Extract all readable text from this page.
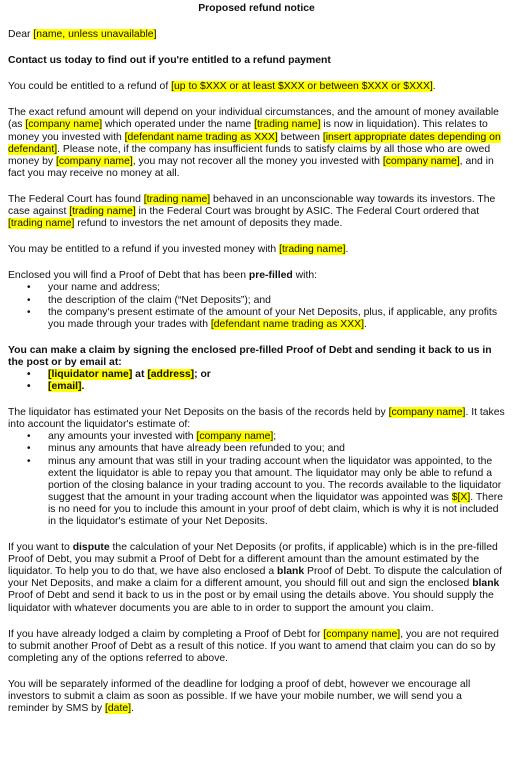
Proposed refund notice

Dear [name, unless unavailable]

Contact us today to find out if you're entitled to a refund payment

You could be entitled to a refund of [up to $XXX or at least $XXX or between $XXX or $XXX].

The exact refund amount will depend on your individual circumstances, and the amount of money available (as [company name] which operated under the name [trading name] is now in liquidation). This relates to money you invested with [defendant name trading as XXX] between [insert appropriate dates depending on defendant]. Please note, if the company has insufficient funds to satisfy claims by all those who are owed money by [company name], you may not recover all the money you invested with [company name], and in fact you may receive no money at all.

The Federal Court has found [trading name] behaved in an unconscionable way towards its investors. The case against [trading name] in the Federal Court was brought by ASIC. The Federal Court ordered that [trading name] refund to investors the net amount of deposits they made.

You may be entitled to a refund if you invested money with [trading name].

Enclosed you will find a Proof of Debt that has been pre-filled with:

• your name and address;
• the description of the claim (“Net Deposits”); and
• the company's present estimate of the amount of your Net Deposits, plus, if applicable, any profits you made through your trades with [defendant name trading as XXX].

You can make a claim by signing the enclosed pre-filled Proof of Debt and sending it back to us in the post or by email at:

• [liquidator name] at [address]; or
• [email].

The liquidator has estimated your Net Deposits on the basis of the records held by [company name]. It takes into account the liquidator's estimate of:

• any amounts your invested with [company name];
• minus any amounts that have already been refunded to you; and
• minus any amount that was still in your trading account when the liquidator was appointed, to the extent the liquidator is able to repay you that amount. The liquidator may only be able to refund a portion of the closing balance in your trading account to you. The records available to the liquidator suggest that the amount in your trading account when the liquidator was appointed was $[X]. There is no need for you to include this amount in your proof of debt claim, which is why it is not included in the liquidator's estimate of your Net Deposits.

If you want to dispute the calculation of your Net Deposits (or profits, if applicable) which is in the pre-filled Proof of Debt, you may submit a Proof of Debt for a different amount than the amount estimated by the liquidator. To help you to do that, we have also enclosed a blank Proof of Debt. To dispute the calculation of your Net Deposits, and make a claim for a different amount, you should fill out and sign the enclosed blank Proof of Debt and send it back to us in the post or by email using the details above. You should supply the liquidator with whatever documents you are able to in order to support the amount you claim.

If you have already lodged a claim by completing a Proof of Debt for [company name], you are not required to submit another Proof of Debt as a result of this notice. If you want to amend that claim you can do so by completing any of the options referred to above.

You will be separately informed of the deadline for lodging a proof of debt, however we encourage all investors to submit a claim as soon as possible. If we have your mobile number, we will send you a reminder by SMS by [date].
